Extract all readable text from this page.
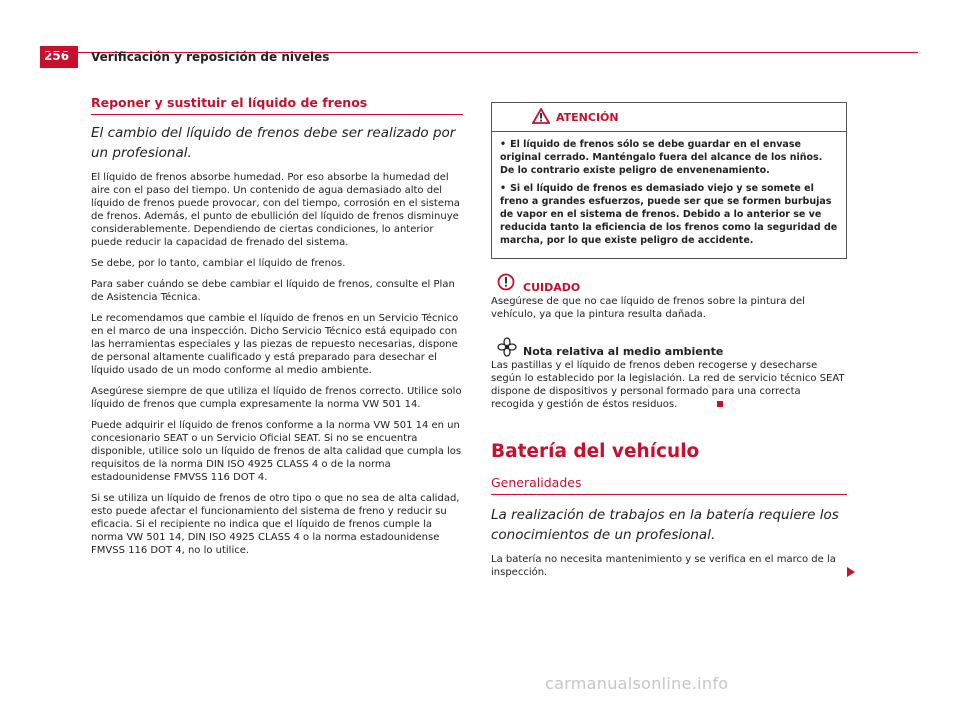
256	Verificación y reposición de niveles
Reponer y sustituir el líquido de frenos
El cambio del líquido de frenos debe ser realizado por un profesional.

El líquido de frenos absorbe humedad. Por eso absorbe la humedad del aire con el paso del tiempo. Un contenido de agua demasiado alto del líquido de frenos puede provocar, con del tiempo, corrosión en el sistema de frenos. Además, el punto de ebullición del líquido de frenos disminuye considerablemente. Dependiendo de ciertas condiciones, lo anterior puede reducir la capacidad de frenado del sistema.

Se debe, por lo tanto, cambiar el líquido de frenos.

Para saber cuándo se debe cambiar el líquido de frenos, consulte el Plan de Asistencia Técnica.

Le recomendamos que cambie el líquido de frenos en un Servicio Técnico en el marco de una inspección. Dicho Servicio Técnico está equipado con las herramientas especiales y las piezas de repuesto necesarias, dispone de personal altamente cualificado y está preparado para desechar el líquido usado de un modo conforme al medio ambiente.

Asegúrese siempre de que utiliza el líquido de frenos correcto. Utilice solo líquido de frenos que cumpla expresamente la norma VW 501 14.

Puede adquirir el líquido de frenos conforme a la norma VW 501 14 en un concesionario SEAT o un Servicio Oficial SEAT. Si no se encuentra disponible, utilice solo un líquido de frenos de alta calidad que cumpla los requisitos de la norma DIN ISO 4925 CLASS 4 o de la norma estadounidense FMVSS 116 DOT 4.

Si se utiliza un líquido de frenos de otro tipo o que no sea de alta calidad, esto puede afectar el funcionamiento del sistema de freno y reducir su eficacia. Si el recipiente no indica que el líquido de frenos cumple la norma VW 501 14, DIN ISO 4925 CLASS 4 o la norma estadounidense FMVSS 116 DOT 4, no lo utilice.

ATENCIÓN
• El líquido de frenos sólo se debe guardar en el envase original cerrado. Manténgalo fuera del alcance de los niños. De lo contrario existe peligro de envenenamiento.
• Si el líquido de frenos es demasiado viejo y se somete el freno a grandes esfuerzos, puede ser que se formen burbujas de vapor en el sistema de frenos. Debido a lo anterior se ve reducida tanto la eficiencia de los frenos como la seguridad de marcha, por lo que existe peligro de accidente.
CUIDADO

Asegúrese de que no cae líquido de frenos sobre la pintura del vehículo, ya que la pintura resulta dañada.

Nota relativa al medio ambiente

Las pastillas y el líquido de frenos deben recogerse y desecharse según lo establecido por la legislación. La red de servicio técnico SEAT dispone de dispositivos y personal formado para una correcta recogida y gestión de éstos residuos.

Batería del vehículo
Generalidades
La realización de trabajos en la batería requiere los conocimientos de un profesional.

La batería no necesita mantenimiento y se verifica en el marco de la inspección.

carmanualsonline.info
